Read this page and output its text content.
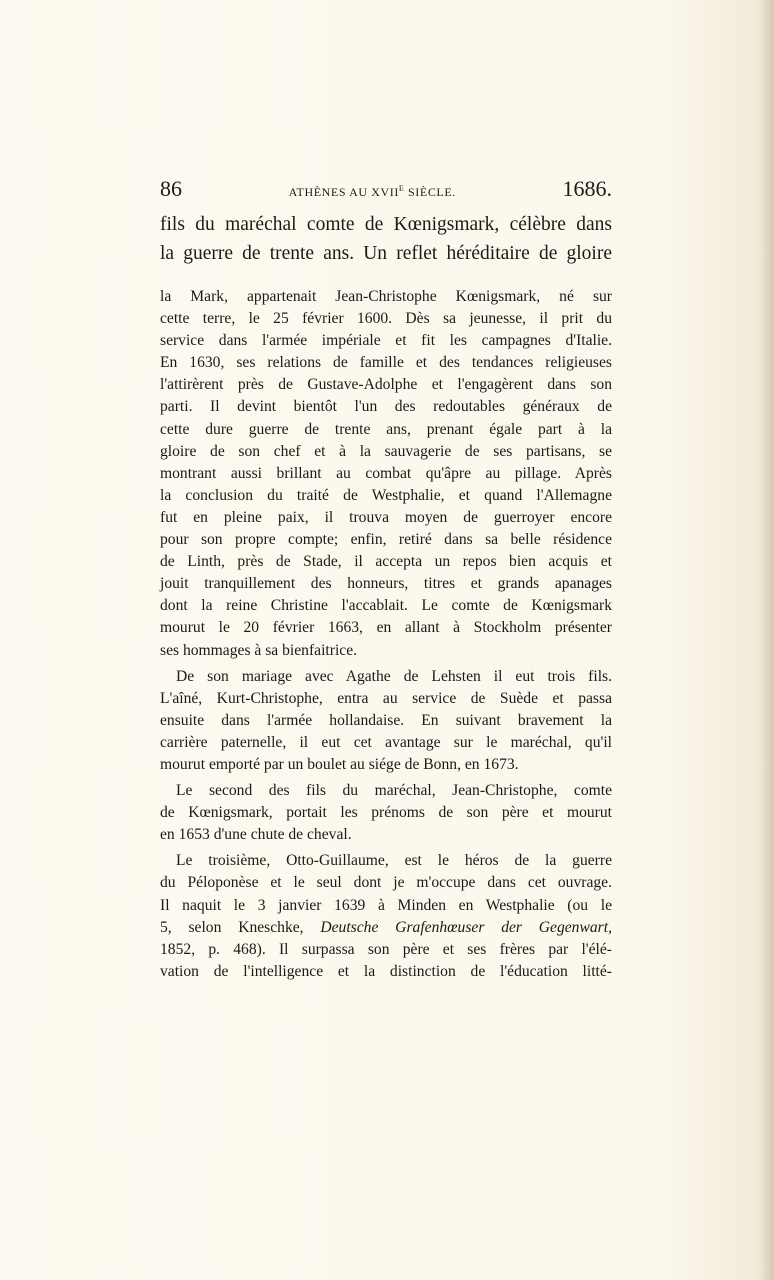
86	ATHÈNES AU $XVII^E$ SIÈCLE.	1686.
fils du maréchal comte de Kœnigsmark, célèbre dans
la guerre de trente ans. Un reflet héréditaire de gloire
la Mark, appartenait Jean-Christophe Kœnigsmark, né sur
cette terre, le 25 février 1600. Dès sa jeunesse, il prit du
service dans l'armée impériale et fit les campagnes d'Italie.
En 1630, ses relations de famille et des tendances religieuses
l'attirèrent près de Gustave-Adolphe et l'engagèrent dans son
parti. Il devint bientôt l'un des redoutables généraux de
cette dure guerre de trente ans, prenant égale part à la
gloire de son chef et à la sauvagerie de ses partisans, se
montrant aussi brillant au combat qu'âpre au pillage. Après
la conclusion du traité de Westphalie, et quand l'Allemagne
fut en pleine paix, il trouva moyen de guerroyer encore
pour son propre compte; enfin, retiré dans sa belle résidence
de Linth, près de Stade, il accepta un repos bien acquis et
jouit tranquillement des honneurs, titres et grands apanages
dont la reine Christine l'accablait. Le comte de Kœnigsmark
mourut le 20 février 1663, en allant à Stockholm présenter
ses hommages à sa bienfaitrice.
De son mariage avec Agathe de Lehsten il eut trois fils.
L'aîné, Kurt-Christophe, entra au service de Suède et passa
ensuite dans l'armée hollandaise. En suivant bravement la
carrière paternelle, il eut cet avantage sur le maréchal, qu'il
mourut emporté par un boulet au siége de Bonn, en 1673.
Le second des fils du maréchal, Jean-Christophe, comte
de Kœnigsmark, portait les prénoms de son père et mourut
en 1653 d'une chute de cheval.
Le troisième, Otto-Guillaume, est le héros de la guerre
du Péloponèse et le seul dont je m'occupe dans cet ouvrage.
Il naquit le 3 janvier 1639 à Minden en Westphalie (ou le
5, selon Kneschke, Deutsche Grafenhœuser der Gegenwart,
1852, p. 468). Il surpassa son père et ses frères par l'élé-
vation de l'intelligence et la distinction de l'éducation litté-
